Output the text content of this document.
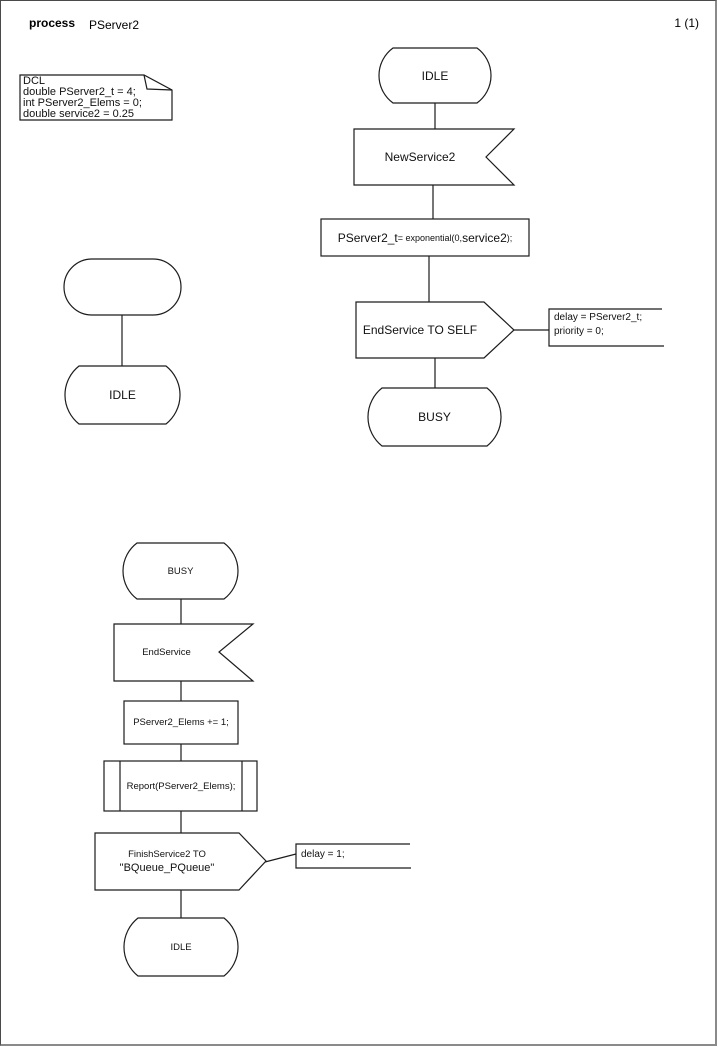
process PServer2	1 (1)
DCL
double PServer2_t = 4;
int PServer2_Elems = 0;
double service2 = 0.25
IDLE
NewService2
PServer2_t = exponential(0, service2 );
EndService TO SELF
delay = PServer2_t;
priority = 0;
BUSY
IDLE
BUSY
EndService
PServer2_Elems += 1;
Report(PServer2_Elems);
FinishService2 TO
"BQueue_PQueue"
delay = 1;
IDLE
